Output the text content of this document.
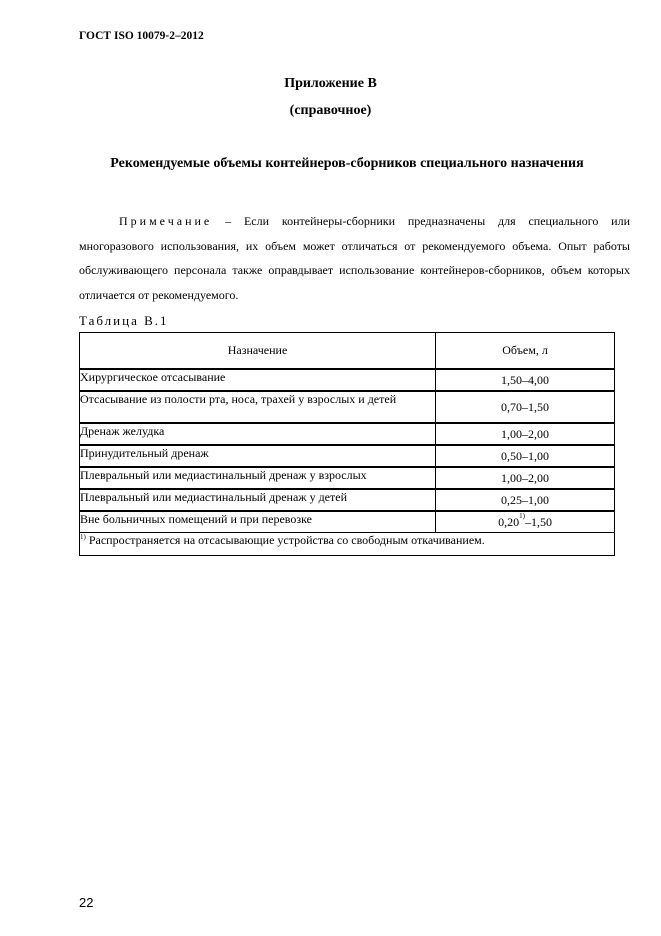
ГОСТ ISO 10079-2–2012
Приложение В
(справочное)
Рекомендуемые объемы контейнеров-сборников специального назначения

Примечание – Если контейнеры-сборники предназначены для специального или многоразового использования, их объем может отличаться от рекомендуемого объема. Опыт работы обслуживающего персонала также оправдывает использование контейнеров-сборников, объем которых отличается от рекомендуемого.

Таблица В.1
Назначение	Объем, л
Хирургическое отсасывание	1,50–4,00
Отсасывание из полости рта, носа, трахей у взрослых и детей	0,70–1,50
Дренаж желудка	1,00–2,00
Принудительный дренаж	0,50–1,00
Плевральный или медиастинальный дренаж у взрослых	1,00–2,00
Плевральный или медиастинальный дренаж у детей	0,25–1,00
Вне больничных помещений и при перевозке	0,20$^{1)}$–1,50
$^{1)}$ Распространяется на отсасывающие устройства со свободным откачиванием.	
22
